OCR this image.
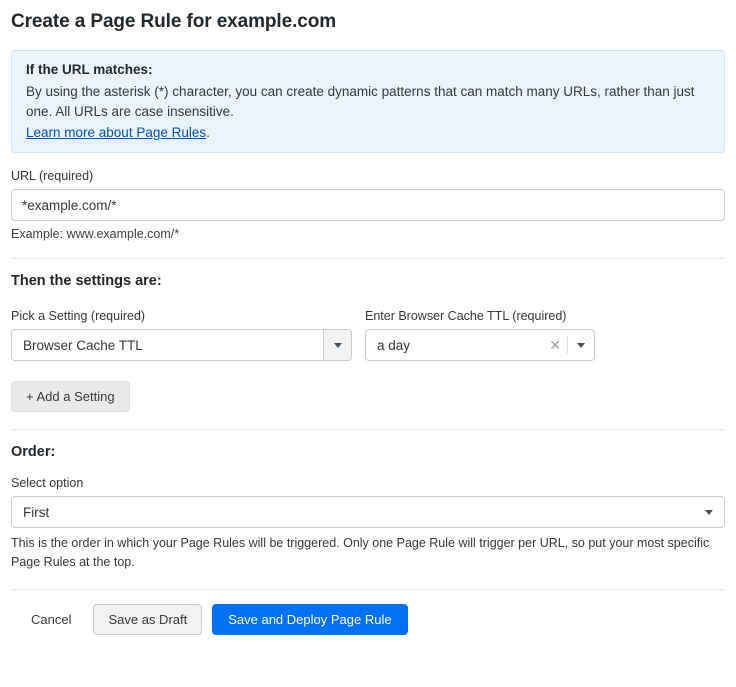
Create a Page Rule for example.com
If the URL matches:
By using the asterisk (*) character, you can create dynamic patterns that can match many URLs, rather than just one. All URLs are case insensitive.
Learn more about Page Rules.
URL (required)
*example.com/*
Example: www.example.com/*
Then the settings are:
Pick a Setting (required)
Browser Cache TTL
Enter Browser Cache TTL (required)
a day	✕
+ Add a Setting
Order:
Select option
First
This is the order in which your Page Rules will be triggered. Only one Page Rule will trigger per URL, so put your most specific Page Rules at the top.
Cancel	Save as Draft	Save and Deploy Page Rule
